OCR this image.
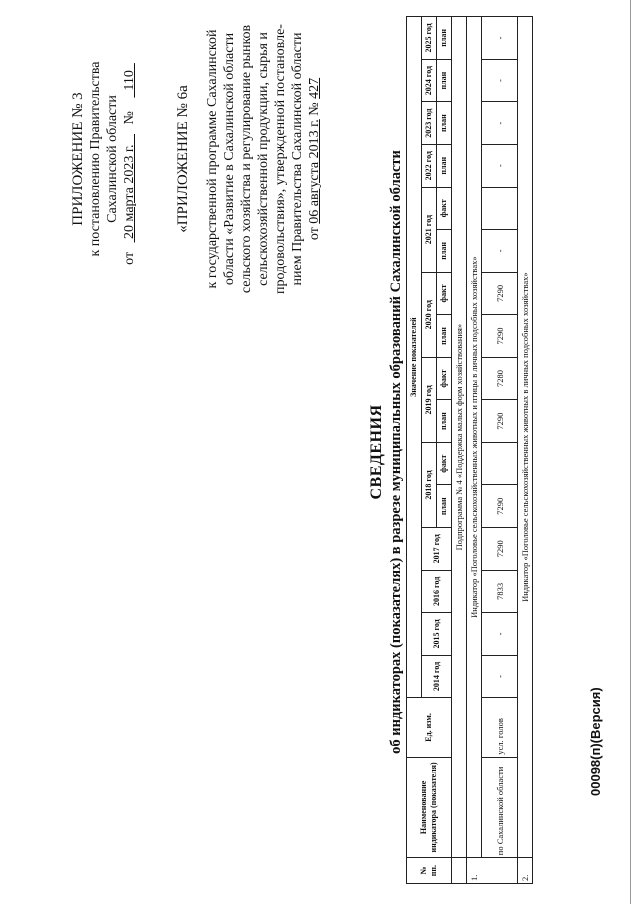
ПРИЛОЖЕНИЕ № 3 к постановлению Правительства Сахалинской области
от  20 марта 2023 г.    №   110
«ПРИЛОЖЕНИЕ № 6а к государственной программе Сахалинской области «Развитие в Сахалинской области сельского хозяйства и регулирование рынков сельскохозяйственной продукции, сырья и продовольствия», утвержденной постановле- нием Правительства Сахалинской области от 06 августа 2013 г. № 427
СВЕДЕНИЯ об индикаторах (показателях) в разрезе муниципальных образований Сахалинской области
№ пп.	Наименование индикатора (показателя)	Ед. изм.	Значение показателей															
			2014 год	2015 год	2016 год	2017 год	2018 год		2019 год		2020 год		2021 год		2022 год	2023 год	2024 год	2025 год
							план	факт	план	факт	план	факт	план	факт	план	план	план	план
	Подпрограмма № 4 «Поддержка малых форм хозяйствования»																	
1.	Индикатор «Поголовье сельскохозяйственных животных и птицы в личных подсобных хозяйствах»																	
	по Сахалинской области	усл. голов	-	-	7833	7290	7290		7290	7280	7290	7290	-		-	-	-	-
2.	Индикатор «Поголовье сельскохозяйственных животных в личных подсобных хозяйствах»																	
00098(п)(Версия)
